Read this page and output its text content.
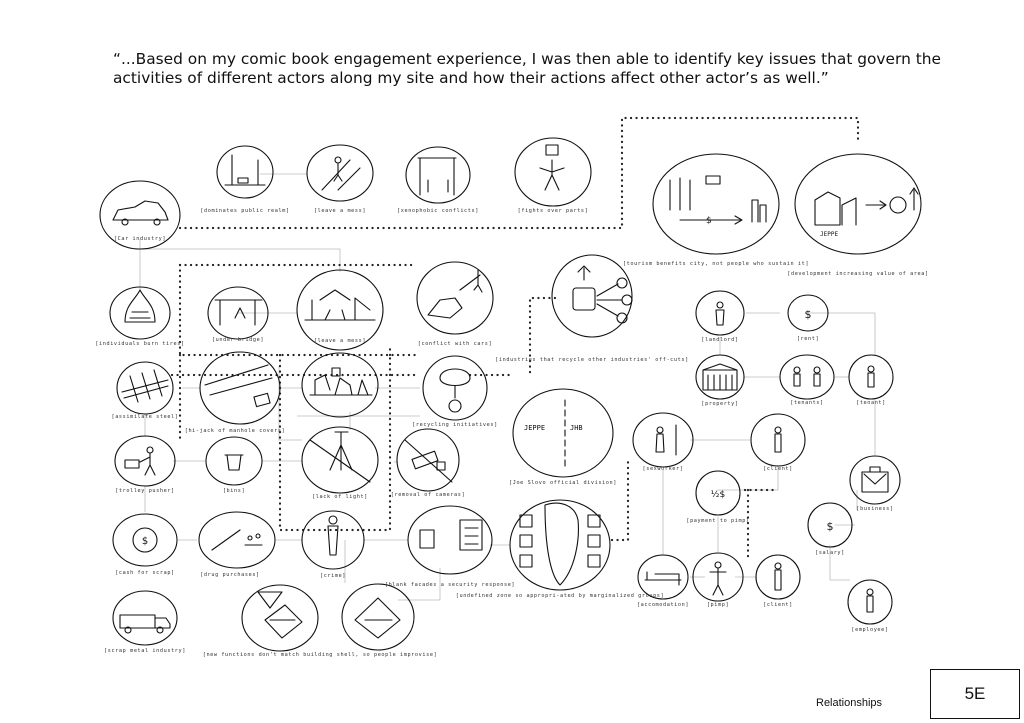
“...Based on my comic book engagement experience, I was then able to identify key issues that govern the activities of different actors along my site and how their actions affect other actor’s as well.”
[Car industry]
[dominates public realm]	[leave a mess]	[xenophobic conflicts]	[fights over parts]
$
[tourism benefits city, not people who sustain it]
JEPPE
[development increasing value of area]
[individuals burn tires]
[under bridge]	[leave a mess]	[conflict with cars]
[industries that recycle other industries' off-cuts]
[landlord]
$
[rent]
[assimilate steel]
[hi-jack of manhole covers]
[recycling initiatives]
[property]	[tenants]	[tenant]
JEPPE	JHB
[Joe Slovo official division]
[trolley pusher]	[bins]
[lack of light]	[removal of cameras]
[sexworker]	[client]
[business]
½$
[payment to pimp]
$
[cash for scrap]	[drug purchases]	[crime]
[blank facades a security response]
[undefined zone so appropri-ated by marginalized groups]
$
[salary]
[accomodation]	[pimp]	[client]
[employee]
[scrap metal industry]
[new functions don't match building shell, so people improvise]
Relationships	5E
